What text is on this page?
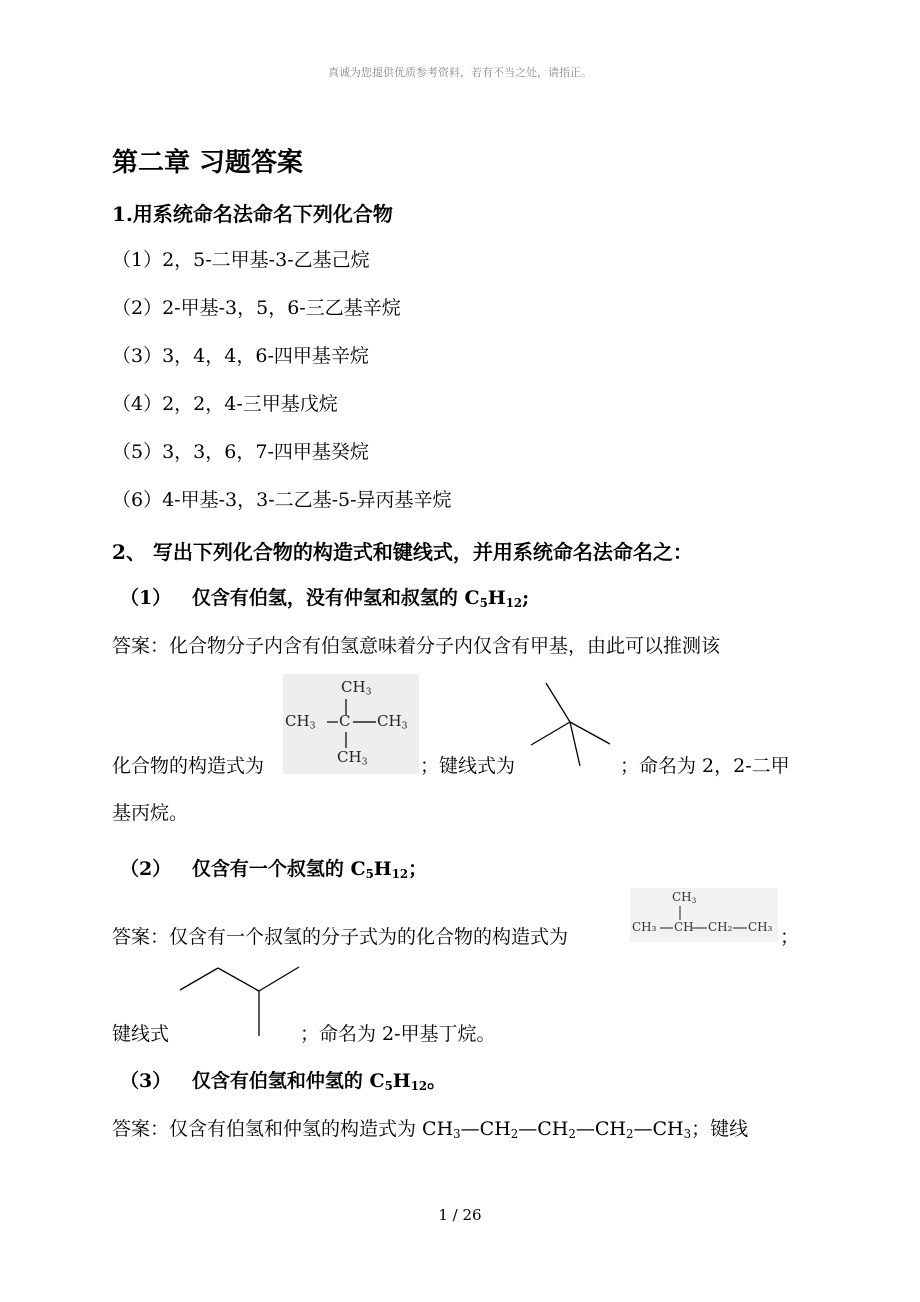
真诚为您提供优质参考资料，若有不当之处，请指正。
第二章 习题答案
1.用系统命名法命名下列化合物
（1）2，5-二甲基-3-乙基己烷
（2）2-甲基-3，5，6-三乙基辛烷
（3）3，4，4，6-四甲基辛烷
（4）2，2，4-三甲基戊烷
（5）3，3，6，7-四甲基癸烷
（6）4-甲基-3，3-二乙基-5-异丙基辛烷
2、 写出下列化合物的构造式和键线式，并用系统命名法命名之：
（1） 仅含有伯氢，没有仲氢和叔氢的 $C_5H_{12}$;
答案：化合物分子内含有伯氢意味着分子内仅含有甲基，由此可以推测该
$CH_3$
$CH_3$ C $CH_3$
$CH_3$
化合物的构造式为	；键线式为	；命名为 2，2-二甲
基丙烷。
（2） 仅含有一个叔氢的 $C_5H_{12}$；
答案：仅含有一个叔氢的分子式为的化合物的构造式为
$CH_3$
CH₃ CH CH₂ CH₃ ；
键线式	；命名为 2-甲基丁烷。
（3） 仅含有伯氢和仲氢的 $C_5H_{12}$。
答案：仅含有伯氢和仲氢的构造式为 $CH_3—CH_2—CH_2—CH_2—CH_3$；键线
1 / 26
